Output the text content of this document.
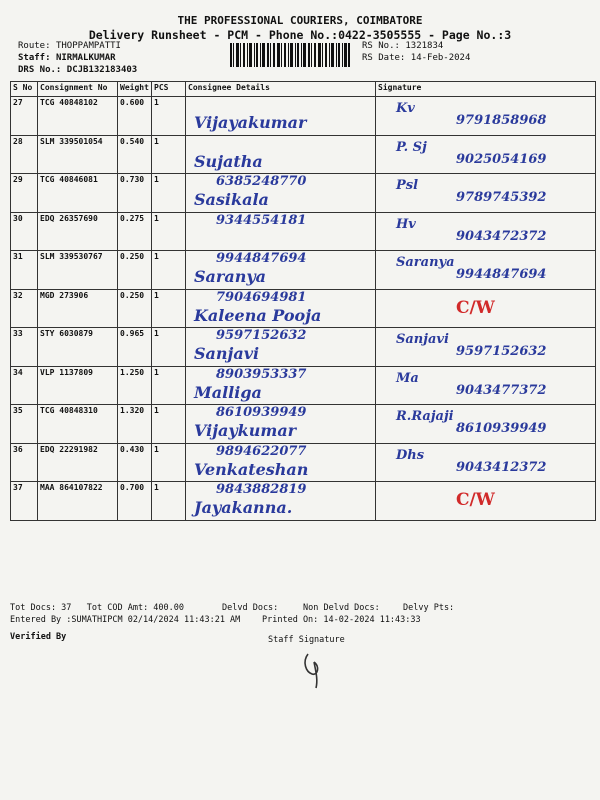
THE PROFESSIONAL COURIERS, COIMBATORE
Delivery Runsheet - PCM - Phone No.:0422-3505555 - Page No.:3
Route: THOPPAMPATTI
Staff: NIRMALKUMAR
DRS No.: DCJB132183403
RS No.: 1321834
RS Date: 14-Feb-2024
S No	Consignment No	Weight	PCS	Consignee Details	Signature
27	TCG 40848102	0.600	1	Vijayakumar	Kv
9791858968

28	SLM 339501054	0.540	1	Sujatha	P. Sj
9025054169

29	TCG 40846081	0.730	1	6385248770
Sasikala	Psl
9789745392

30	EDQ 26357690	0.275	1	9344554181	Hv
9043472372

31	SLM 339530767	0.250	1	9944847694
Saranya	Saranya
9944847694

32	MGD 273906	0.250	1	7904694981
Kaleena Pooja	C/W

33	STY 6030879	0.965	1	9597152632
Sanjavi	Sanjavi
9597152632

34	VLP 1137809	1.250	1	8903953337
Malliga	Ma
9043477372

35	TCG 40848310	1.320	1	8610939949
Vijaykumar	R.Rajaji
8610939949

36	EDQ 22291982	0.430	1	9894622077
Venkateshan	Dhs
9043412372

37	MAA 864107822	0.700	1	9843882819
Jayakanna.	C/W
Tot Docs: 37 Tot COD Amt: 400.00	Delvd Docs:	Non Delvd Docs:	Delvy Pts:
Entered By :SUMATHIPCM 02/14/2024 11:43:21 AM	Printed On: 14-02-2024 11:43:33
Verified By	Staff Signature
